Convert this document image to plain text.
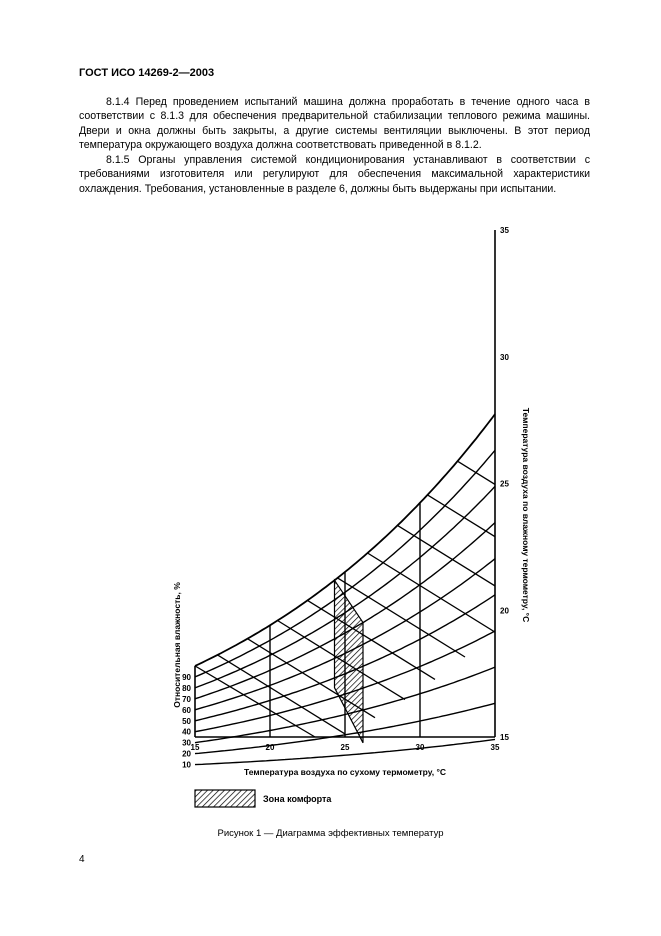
ГОСТ ИСО 14269-2—2003

8.1.4 Перед проведением испытаний машина должна проработать в течение одного часа в соответствии с 8.1.3 для обеспечения предварительной стабилизации теплового режима машины. Двери и окна должны быть закрыты, а другие системы вентиляции выключены. В этот период температура окружающего воздуха должна соответствовать приведенной в 8.1.2.

8.1.5 Органы управления системой кондиционирования устанавливают в соответствии с требованиями изготовителя или регулируют для обеспечения максимальной характеристики охлаждения. Требования, установленные в разделе 6, должны быть выдержаны при испытании.

15	20	25	30	35
10
20
30
40
50
60
70
80
90
15
20
25
30
35
Температура воздуха по сухому термометру, °С
Относительная влажность, %
Температура воздуха по влажному термометру, °С
Зона комфорта
Рисунок 1 — Диаграмма эффективных температур
4
